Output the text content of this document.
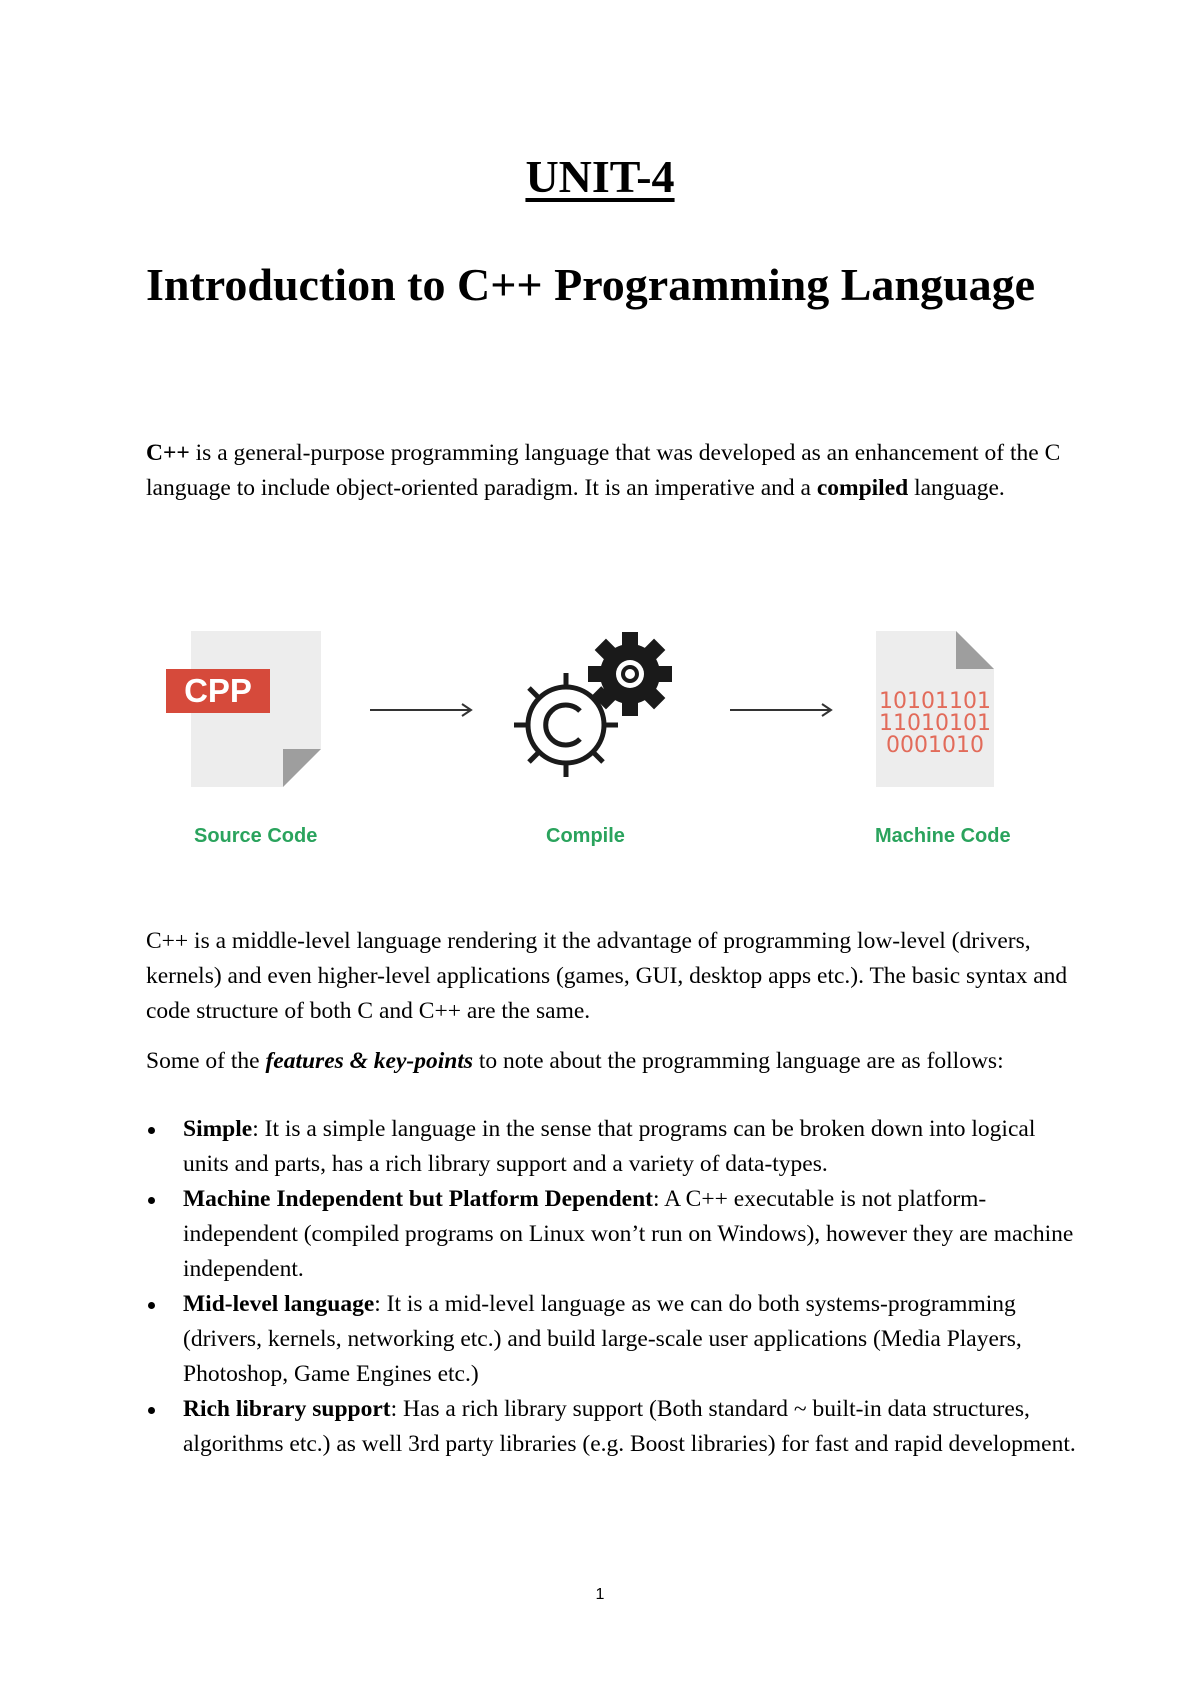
UNIT-4
Introduction to C++ Programming Language

C++ is a general-purpose programming language that was developed as an enhancement of the C language to include object-oriented paradigm. It is an imperative and a compiled language.

CPP	10101101
11010101
0001010
Source Code	Compile	Machine Code

C++ is a middle-level language rendering it the advantage of programming low-level (drivers, kernels) and even higher-level applications (games, GUI, desktop apps etc.). The basic syntax and code structure of both C and C++ are the same.

Some of the features & key-points to note about the programming language are as follows:

Simple: It is a simple language in the sense that programs can be broken down into logical units and parts, has a rich library support and a variety of data-types.
Machine Independent but Platform Dependent: A C++ executable is not platform-independent (compiled programs on Linux won’t run on Windows), however they are machine independent.
Mid-level language: It is a mid-level language as we can do both systems-programming (drivers, kernels, networking etc.) and build large-scale user applications (Media Players, Photoshop, Game Engines etc.)
Rich library support: Has a rich library support (Both standard ~ built-in data structures, algorithms etc.) as well 3rd party libraries (e.g. Boost libraries) for fast and rapid development.
1
